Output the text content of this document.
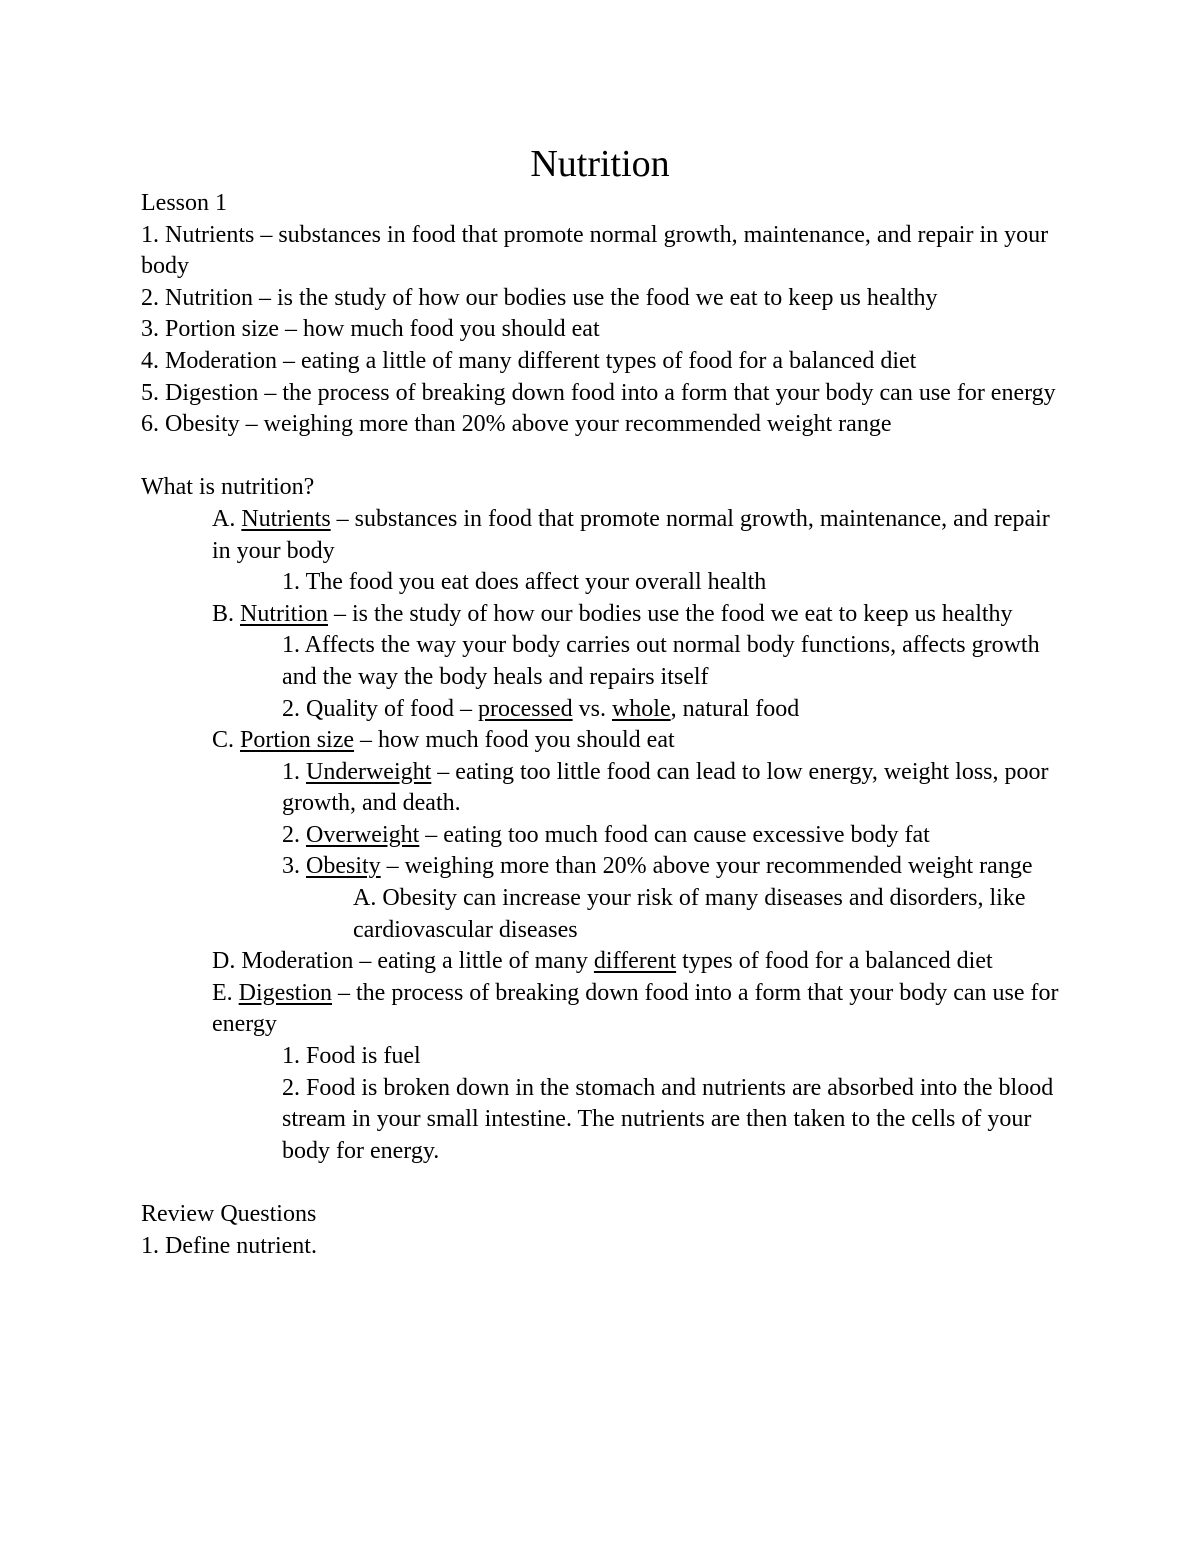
Nutrition

Lesson 1

1. Nutrients – substances in food that promote normal growth, maintenance, and repair in your body

2. Nutrition – is the study of how our bodies use the food we eat to keep us healthy

3. Portion size – how much food you should eat

4. Moderation – eating a little of many different types of food for a balanced diet

5. Digestion – the process of breaking down food into a form that your body can use for energy

6. Obesity – weighing more than 20% above your recommended weight range

What is nutrition?

A. Nutrients – substances in food that promote normal growth, maintenance, and repair in your body

1. The food you eat does affect your overall health

B. Nutrition – is the study of how our bodies use the food we eat to keep us healthy

1. Affects the way your body carries out normal body functions, affects growth and the way the body heals and repairs itself

2. Quality of food – processed vs. whole, natural food

C. Portion size – how much food you should eat

1. Underweight – eating too little food can lead to low energy, weight loss, poor growth, and death.

2. Overweight – eating too much food can cause excessive body fat

3. Obesity – weighing more than 20% above your recommended weight range

A. Obesity can increase your risk of many diseases and disorders, like cardiovascular diseases

D. Moderation – eating a little of many different types of food for a balanced diet

E. Digestion – the process of breaking down food into a form that your body can use for energy

1. Food is fuel

2. Food is broken down in the stomach and nutrients are absorbed into the blood stream in your small intestine. The nutrients are then taken to the cells of your body for energy.

Review Questions

1. Define nutrient.
